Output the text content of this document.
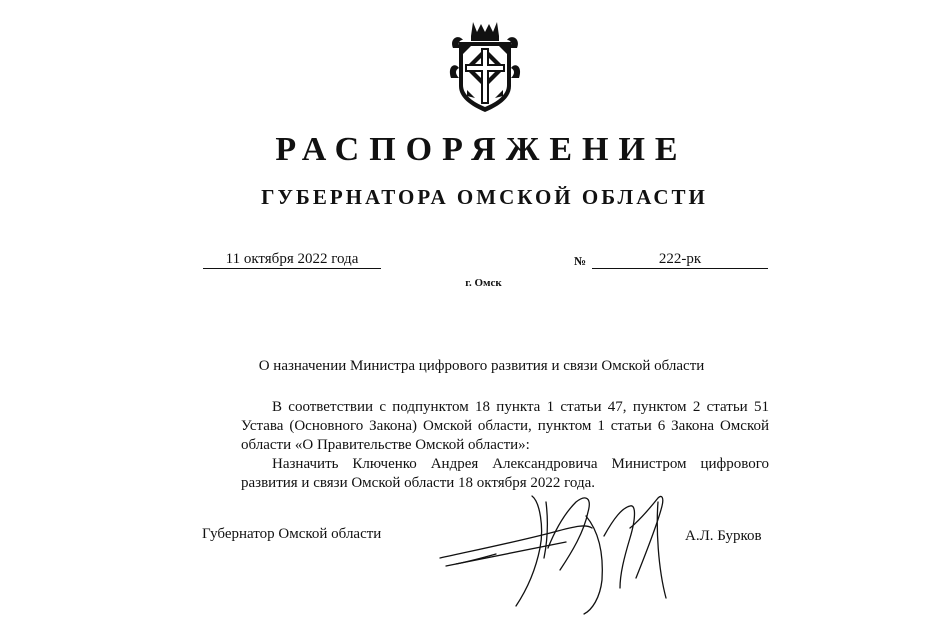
РАСПОРЯЖЕНИЕ
ГУБЕРНАТОРА ОМСКОЙ ОБЛАСТИ
11 октября 2022 года	№	222-рк
г. Омск
О назначении Министра цифрового развития и связи Омской области

В соответствии с подпунктом 18 пункта 1 статьи 47, пунктом 2 статьи 51 Устава (Основного Закона) Омской области, пунктом 1 статьи 6 Закона Омской области «О Правительстве Омской области»:

Назначить Ключенко Андрея Александровича Министром цифрового развития и связи Омской области 18 октября 2022 года.

Губернатор Омской области	А.Л. Бурков
